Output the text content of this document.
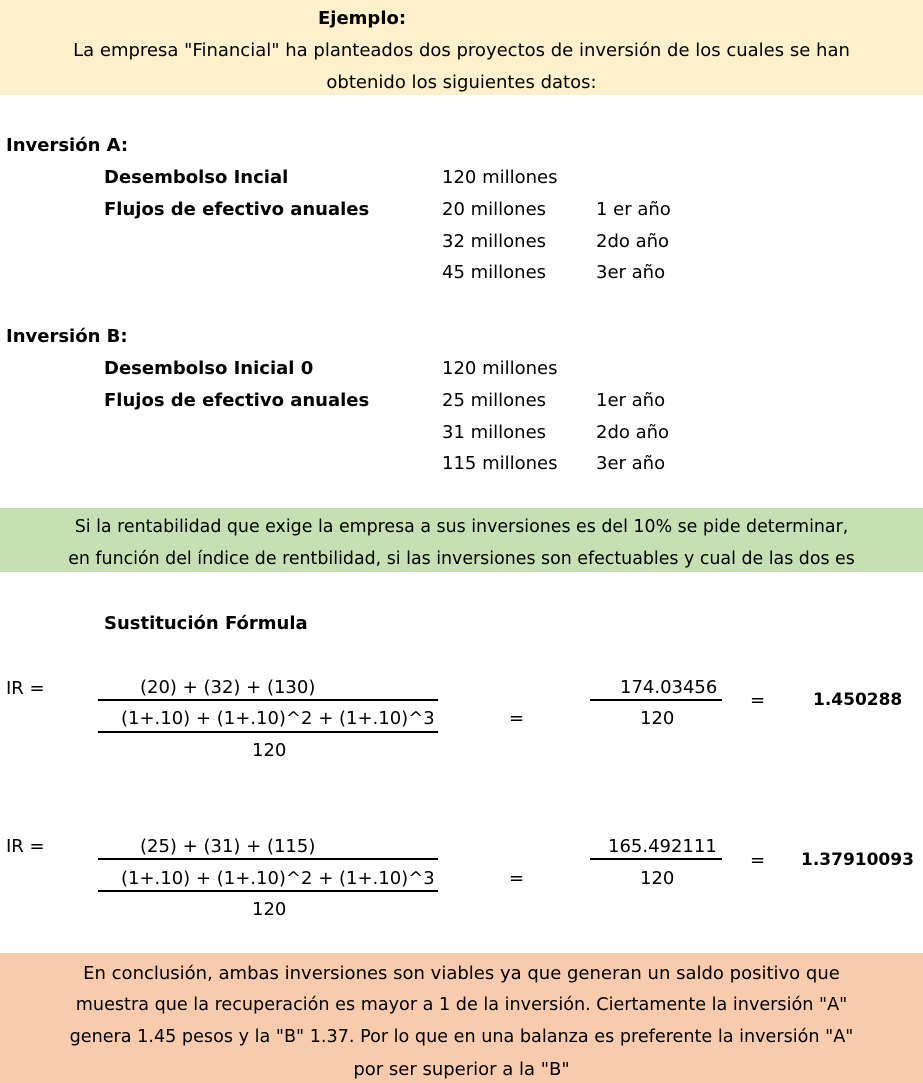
Ejemplo:
La empresa "Financial" ha planteados dos proyectos de inversión de los cuales se han
obtenido los siguientes datos:
Inversión A:
Desembolso Incial	120 millones
Flujos de efectivo anuales	20 millones	1 er año
32 millones	2do año
45 millones	3er año
Inversión B:
Desembolso Inicial 0	120 millones
Flujos de efectivo anuales	25 millones	1er año
31 millones	2do año
115 millones 3er año
Si la rentabilidad que exige la empresa a sus inversiones es del 10% se pide determinar,
en función del índice de rentbilidad, si las inversiones son efectuables y cual de las dos es
Sustitución Fórmula
IR =	(20) + (32) + (130)
(1+.10) + (1+.10)^2 + (1+.10)^3
120
=
174.03456
120
=	1.450288
IR =	(25) + (31) + (115)
(1+.10) + (1+.10)^2 + (1+.10)^3
120
=
165.492111
120
= 1.37910093
En conclusión, ambas inversiones son viables ya que generan un saldo positivo que
muestra que la recuperación es mayor a 1 de la inversión. Ciertamente la inversión "A"
genera 1.45 pesos y la "B" 1.37. Por lo que en una balanza es preferente la inversión "A"
por ser superior a la "B"
